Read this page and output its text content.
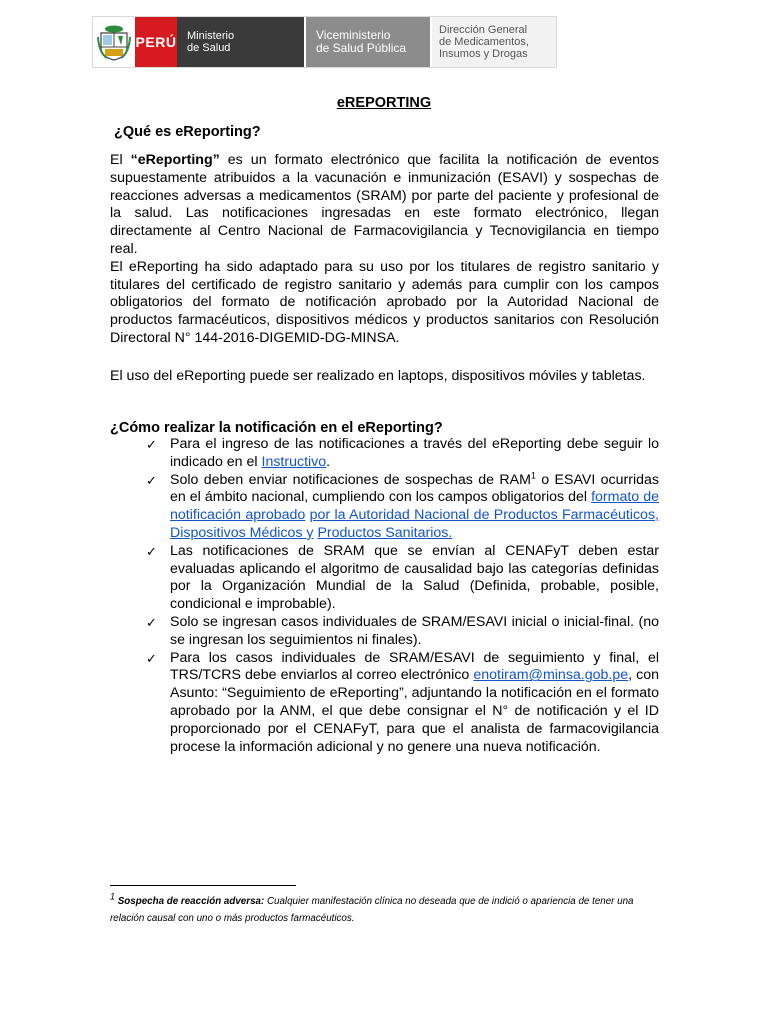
PERÚ Ministerio
de Salud
Viceministerio
de Salud Pública
Dirección General
de Medicamentos,
Insumos y Drogas
eREPORTING
¿Qué es eReporting?
El “eReporting” es un formato electrónico que facilita la notificación de eventos supuestamente atribuidos a la vacunación e inmunización (ESAVI) y sospechas de reacciones adversas a medicamentos (SRAM) por parte del paciente y profesional de la salud. Las notificaciones ingresadas en este formato electrónico, llegan directamente al Centro Nacional de Farmacovigilancia y Tecnovigilancia en tiempo real.
El eReporting ha sido adaptado para su uso por los titulares de registro sanitario y titulares del certificado de registro sanitario y además para cumplir con los campos obligatorios del formato de notificación aprobado por la Autoridad Nacional de productos farmacéuticos, dispositivos médicos y productos sanitarios con Resolución Directoral N° 144-2016-DIGEMID-DG-MINSA.
El uso del eReporting puede ser realizado en laptops, dispositivos móviles y tabletas.
¿Cómo realizar la notificación en el eReporting?
✓ Para el ingreso de las notificaciones a través del eReporting debe seguir lo indicado en el Instructivo.
✓ Solo deben enviar notificaciones de sospechas de RAM$^1$ o ESAVI ocurridas en el ámbito nacional, cumpliendo con los campos obligatorios del formato de notificación aprobado por la Autoridad Nacional de Productos Farmacéuticos, Dispositivos Médicos y Productos Sanitarios.
✓ Las notificaciones de SRAM que se envían al CENAFyT deben estar evaluadas aplicando el algoritmo de causalidad bajo las categorías definidas por la Organización Mundial de la Salud (Definida, probable, posible, condicional e improbable).
✓ Solo se ingresan casos individuales de SRAM/ESAVI inicial o inicial-final. (no se ingresan los seguimientos ni finales).
✓ Para los casos individuales de SRAM/ESAVI de seguimiento y final, el TRS/TCRS debe enviarlos al correo electrónico enotiram@minsa.gob.pe, con Asunto: “Seguimiento de eReporting”, adjuntando la notificación en el formato aprobado por la ANM, el que debe consignar el N° de notificación y el ID proporcionado por el CENAFyT, para que el analista de farmacovigilancia procese la información adicional y no genere una nueva notificación.
$^1$ Sospecha de reacción adversa: Cualquier manifestación clínica no deseada que de indició o apariencia de tener una relación causal con uno o más productos farmacéuticos.
